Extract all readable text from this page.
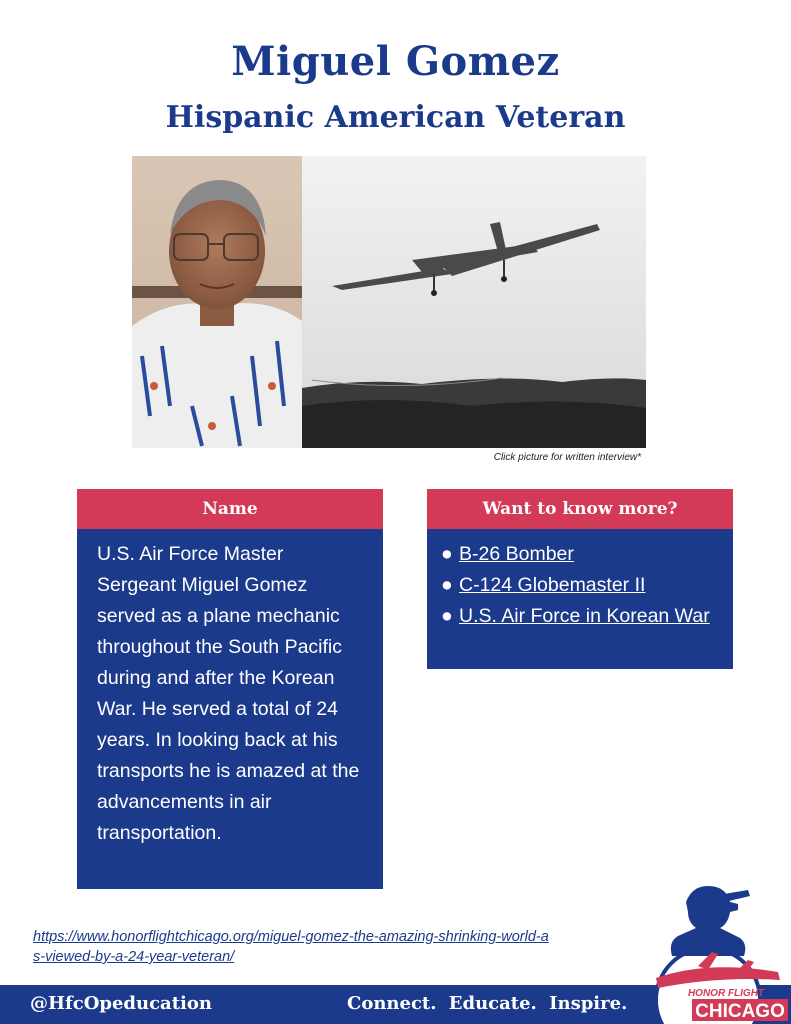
Miguel Gomez
Hispanic American Veteran
Click picture for written interview*
Name
U.S. Air Force Master Sergeant Miguel Gomez served as a plane mechanic throughout the South Pacific during and after the Korean War. He served a total of 24 years. In looking back at his transports he is amazed at the advancements in air transportation.
Want to know more?
● B-26 Bomber
● C-124 Globemaster II
● U.S. Air Force in Korean War
https://www.honorflightchicago.org/miguel-gomez-the-amazing-shrinking-world-as-viewed-by-a-24-year-veteran/
@HfcOpeducation	Connect. Educate. Inspire.	HONOR FLIGHT
CHICAGO
